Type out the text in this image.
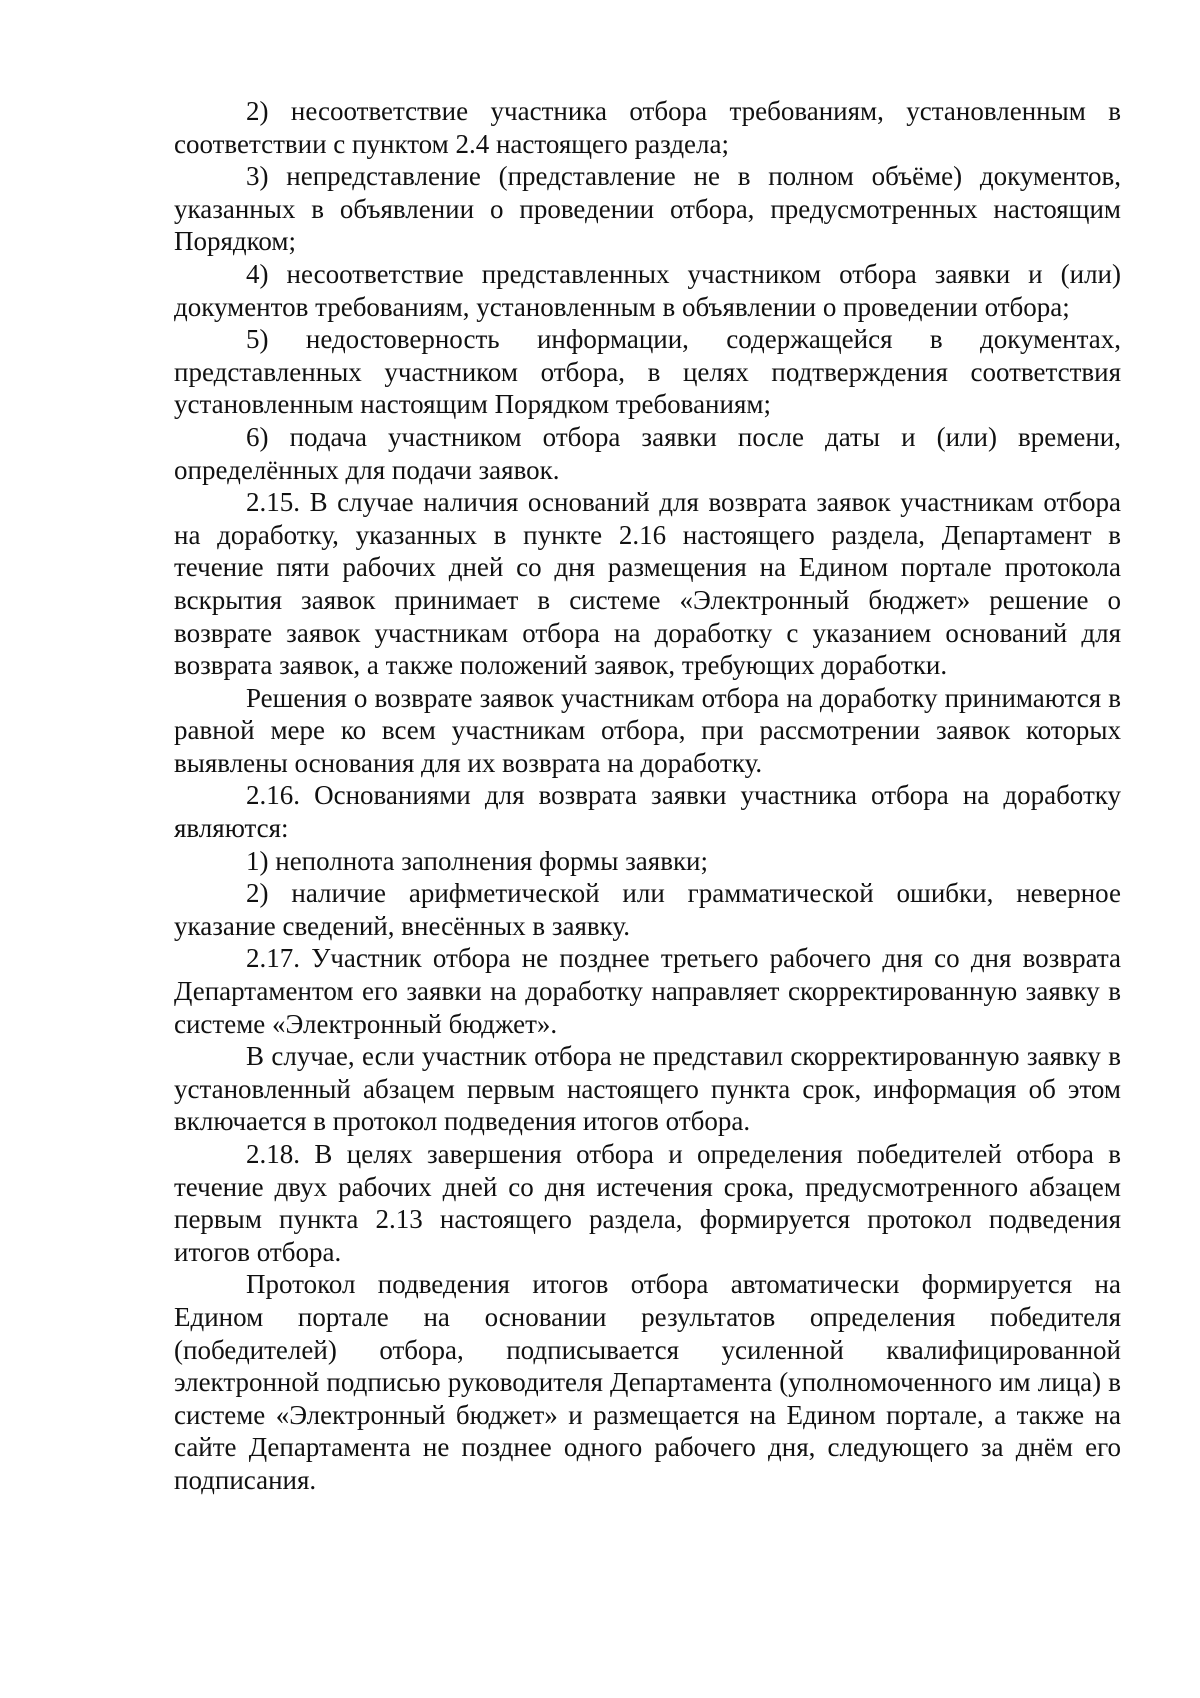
2) несоответствие участника отбора требованиям, установленным в соответствии с пунктом 2.4 настоящего раздела;

3) непредставление (представление не в полном объёме) документов, указанных в объявлении о проведении отбора, предусмотренных настоящим Порядком;

4) несоответствие представленных участником отбора заявки и (или) документов требованиям, установленным в объявлении о проведении отбора;

5) недостоверность информации, содержащейся в документах, представленных участником отбора, в целях подтверждения соответствия установленным настоящим Порядком требованиям;

6) подача участником отбора заявки после даты и (или) времени, определённых для подачи заявок.

2.15. В случае наличия оснований для возврата заявок участникам отбора на доработку, указанных в пункте 2.16 настоящего раздела, Департамент в течение пяти рабочих дней со дня размещения на Едином портале протокола вскрытия заявок принимает в системе «Электронный бюджет» решение о возврате заявок участникам отбора на доработку с указанием оснований для возврата заявок, а также положений заявок, требующих доработки.

Решения о возврате заявок участникам отбора на доработку принимаются в равной мере ко всем участникам отбора, при рассмотрении заявок которых выявлены основания для их возврата на доработку.

2.16. Основаниями для возврата заявки участника отбора на доработку являются:

1) неполнота заполнения формы заявки;

2) наличие арифметической или грамматической ошибки, неверное указание сведений, внесённых в заявку.

2.17. Участник отбора не позднее третьего рабочего дня со дня возврата Департаментом его заявки на доработку направляет скорректированную заявку в системе «Электронный бюджет».

В случае, если участник отбора не представил скорректированную заявку в установленный абзацем первым настоящего пункта срок, информация об этом включается в протокол подведения итогов отбора.

2.18. В целях завершения отбора и определения победителей отбора в течение двух рабочих дней со дня истечения срока, предусмотренного абзацем первым пункта 2.13 настоящего раздела, формируется протокол подведения итогов отбора.

Протокол подведения итогов отбора автоматически формируется на Едином портале на основании результатов определения победителя (победителей) отбора, подписывается усиленной квалифицированной электронной подписью руководителя Департамента (уполномоченного им лица) в системе «Электронный бюджет» и размещается на Едином портале, а также на сайте Департамента не позднее одного рабочего дня, следующего за днём его подписания.
